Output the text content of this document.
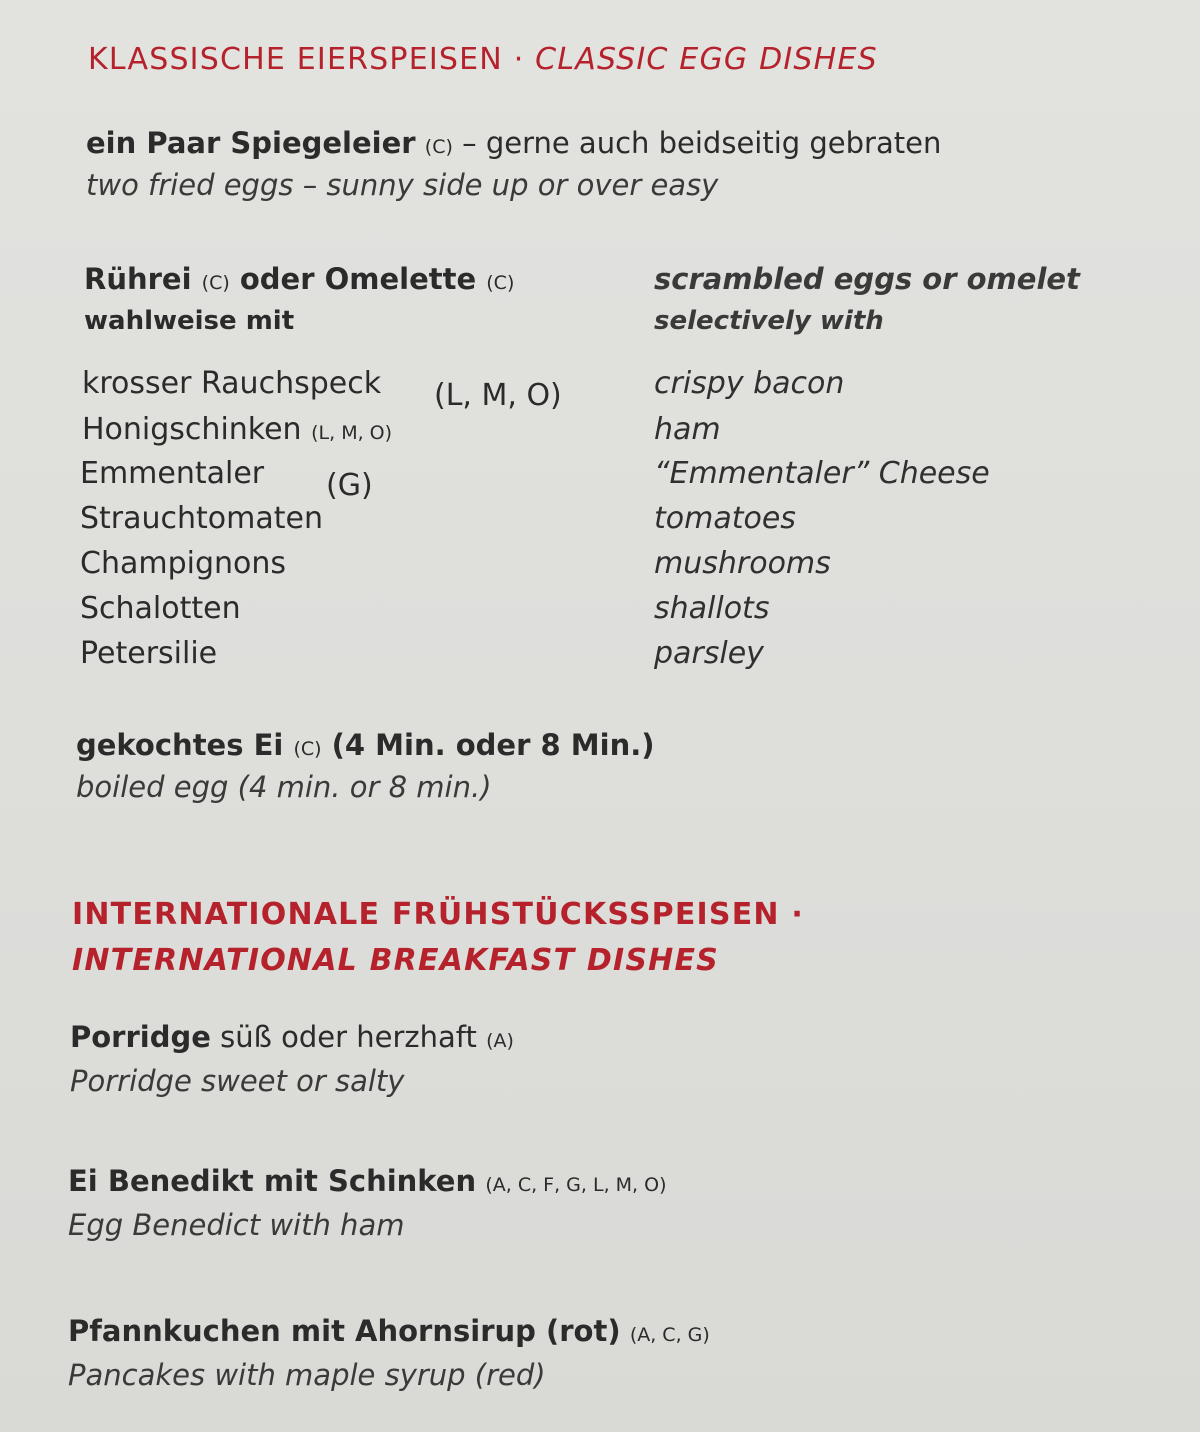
KLASSISCHE EIERSPEISEN · CLASSIC EGG DISHES
ein Paar Spiegeleier (C) – gerne auch beidseitig gebraten
two fried eggs – sunny side up or over easy
Rührei (C) oder Omelette (C)
wahlweise mit
scrambled eggs or omelet
selectively with
krosser Rauchspeck (L, M, O)	crispy bacon
Honigschinken (L, M, O)	ham
Emmentaler (G)	“Emmentaler” Cheese
Strauchtomaten	tomatoes
Champignons	mushrooms
Schalotten	shallots
Petersilie	parsley
gekochtes Ei (C) (4 Min. oder 8 Min.)
boiled egg (4 min. or 8 min.)
INTERNATIONALE FRÜHSTÜCKSSPEISEN ·
INTERNATIONAL BREAKFAST DISHES
Porridge süß oder herzhaft (A)
Porridge sweet or salty
Ei Benedikt mit Schinken (A, C, F, G, L, M, O)
Egg Benedict with ham
Pfannkuchen mit Ahornsirup (rot) (A, C, G)
Pancakes with maple syrup (red)
